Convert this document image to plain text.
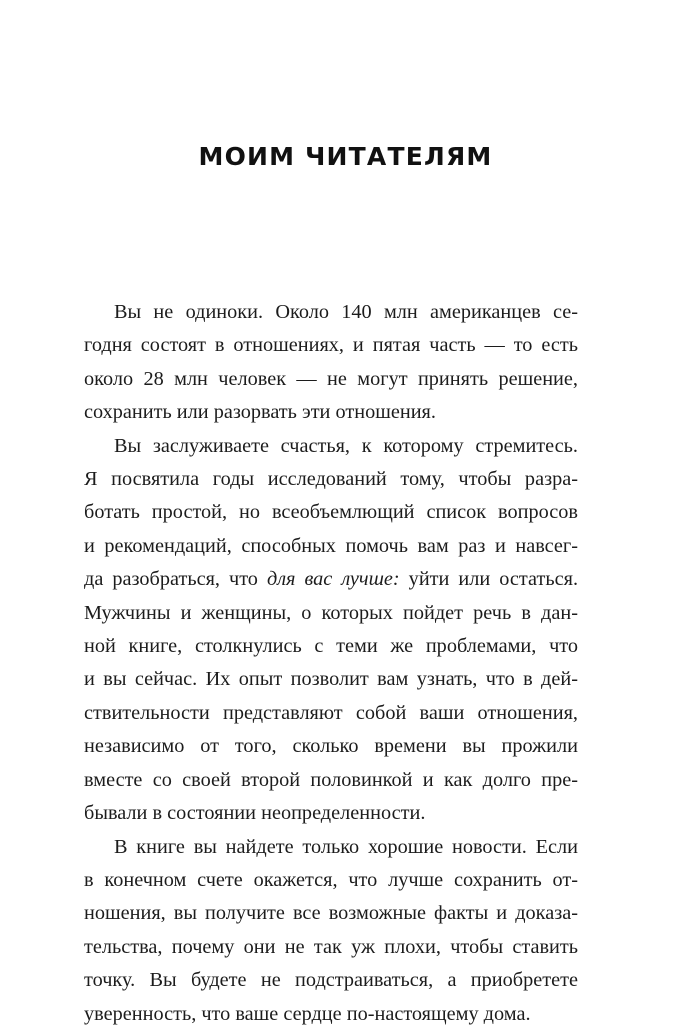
МОИМ ЧИТАТЕЛЯМ

Вы не одиноки. Около 140 млн американцев се-
годня состоят в отношениях, и пятая часть — то есть
около 28 млн человек — не могут принять решение,
сохранить или разорвать эти отношения.

Вы заслуживаете счастья, к которому стремитесь.
Я посвятила годы исследований тому, чтобы разра-
ботать простой, но всеобъемлющий список вопросов
и рекомендаций, способных помочь вам раз и навсег-
да разобраться, что для вас лучше: уйти или остаться.
Мужчины и женщины, о которых пойдет речь в дан-
ной книге, столкнулись с теми же проблемами, что
и вы сейчас. Их опыт позволит вам узнать, что в дей-
ствительности представляют собой ваши отношения,
независимо от того, сколько времени вы прожили
вместе со своей второй половинкой и как долго пре-
бывали в состоянии неопределенности.

В книге вы найдете только хорошие новости. Если
в конечном счете окажется, что лучше сохранить от-
ношения, вы получите все возможные факты и доказа-
тельства, почему они не так уж плохи, чтобы ставить
точку. Вы будете не подстраиваться, а приобретете
уверенность, что ваше сердце по-настоящему дома.
